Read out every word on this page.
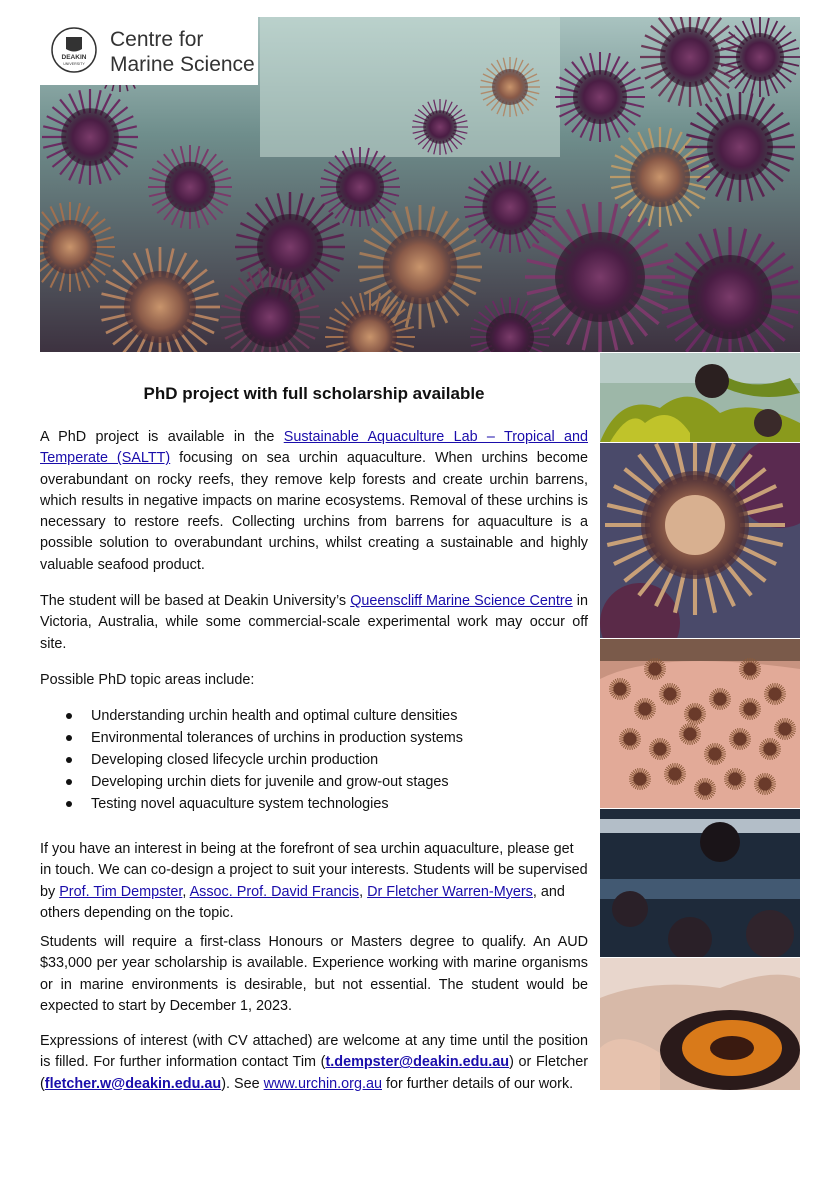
DEAKIN
UNIVERSITY
Centre for
Marine Science
PhD project with full scholarship available

A PhD project is available in the Sustainable Aquaculture Lab – Tropical and Temperate (SALTT) focusing on sea urchin aquaculture. When urchins become overabundant on rocky reefs, they remove kelp forests and create urchin barrens, which results in negative impacts on marine ecosystems. Removal of these urchins is necessary to restore reefs. Collecting urchins from barrens for aquaculture is a possible solution to overabundant urchins, whilst creating a sustainable and highly valuable seafood product.

The student will be based at Deakin University’s Queenscliff Marine Science Centre in Victoria, Australia, while some commercial-scale experimental work may occur off site.

Possible PhD topic areas include:

Understanding urchin health and optimal culture densities
Environmental tolerances of urchins in production systems
Developing closed lifecycle urchin production
Developing urchin diets for juvenile and grow-out stages
Testing novel aquaculture system technologies

If you have an interest in being at the forefront of sea urchin aquaculture, please get in touch. We can co-design a project to suit your interests. Students will be supervised by Prof. Tim Dempster, Assoc. Prof. David Francis, Dr Fletcher Warren-Myers, and others depending on the topic.

Students will require a first-class Honours or Masters degree to qualify. An AUD $33,000 per year scholarship is available. Experience working with marine organisms or in marine environments is desirable, but not essential. The student would be expected to start by December 1, 2023.

Expressions of interest (with CV attached) are welcome at any time until the position is filled. For further information contact Tim (t.dempster@deakin.edu.au) or Fletcher (fletcher.w@deakin.edu.au). See www.urchin.org.au for further details of our work.
